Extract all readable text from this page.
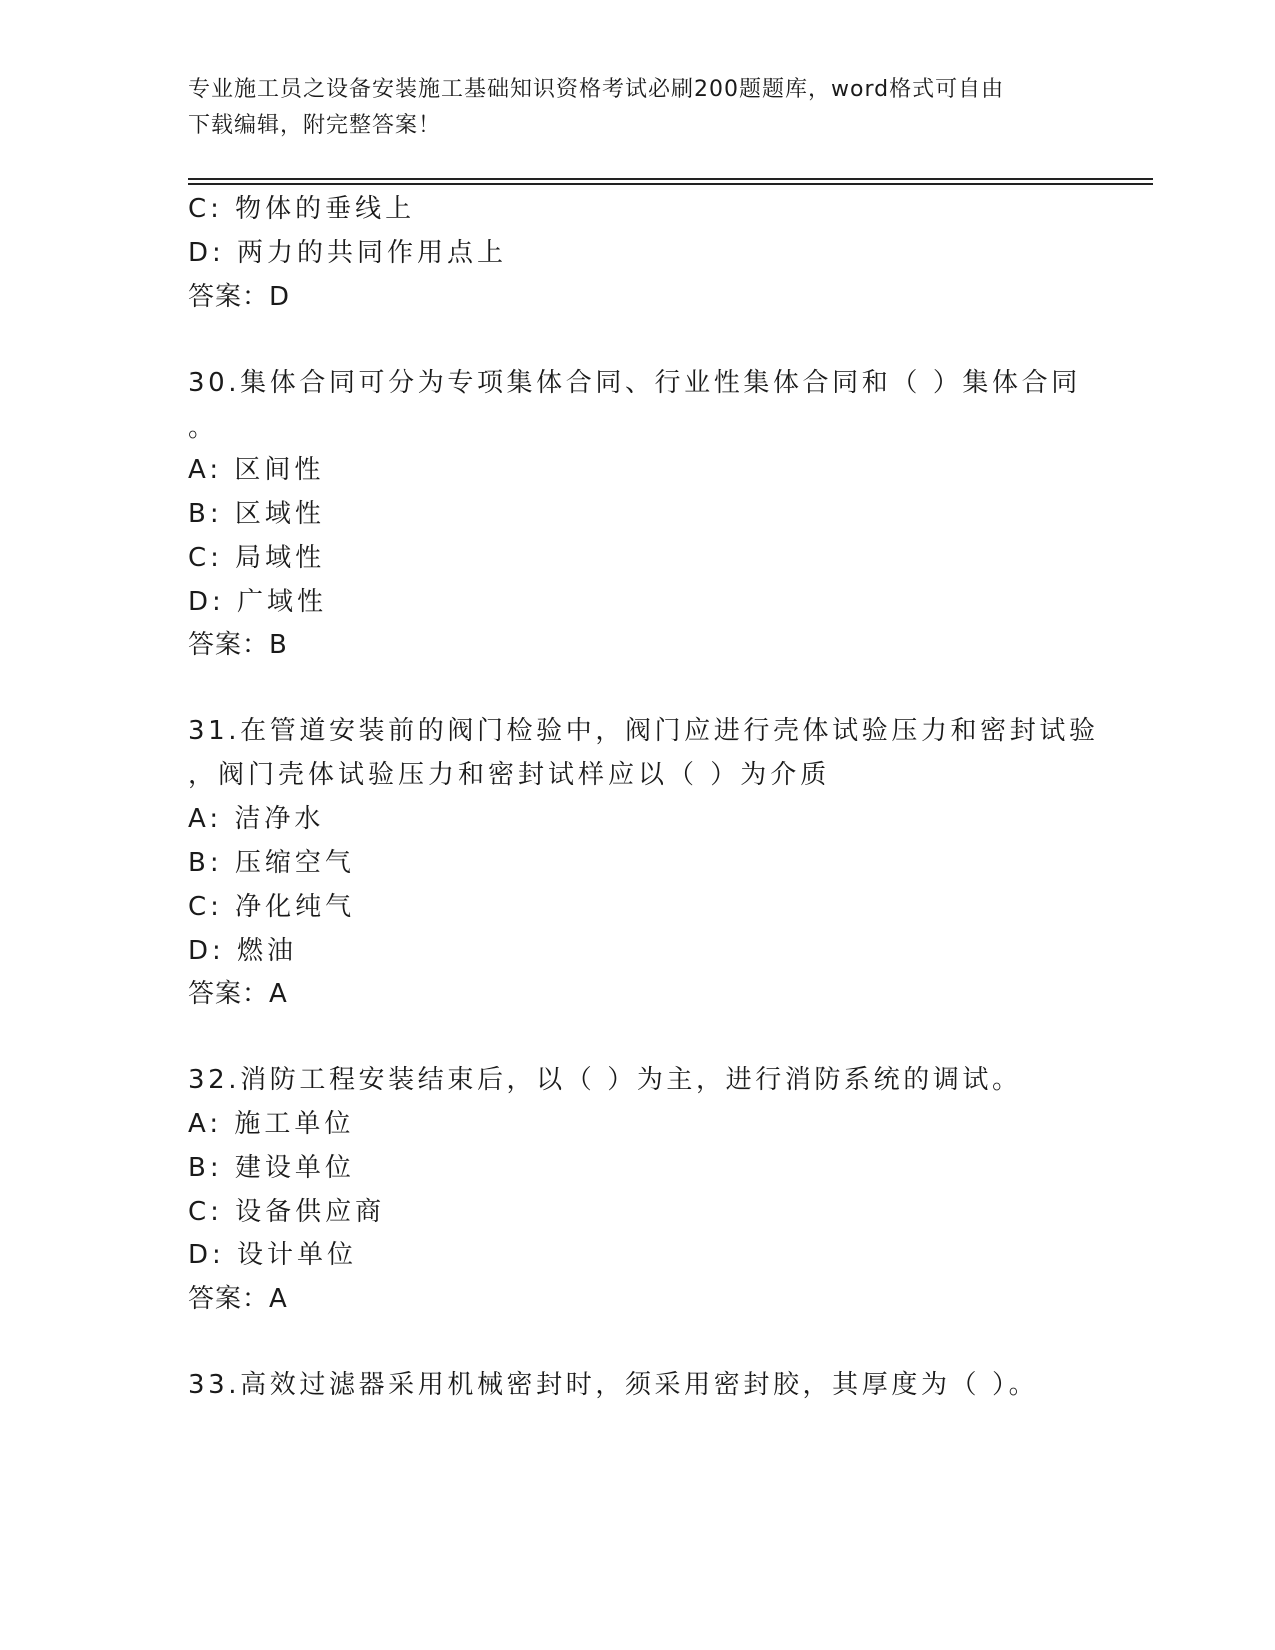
专业施工员之设备安装施工基础知识资格考试必刷200题题库，word格式可自由
下载编辑，附完整答案！
C: 物体的垂线上
D: 两力的共同作用点上
答案：D
30.集体合同可分为专项集体合同、行业性集体合同和（ ）集体合同
。
A: 区间性
B: 区域性
C: 局域性
D: 广域性
答案：B
31.在管道安装前的阀门检验中，阀门应进行壳体试验压力和密封试验
，阀门壳体试验压力和密封试样应以（ ）为介质
A: 洁净水
B: 压缩空气
C: 净化纯气
D: 燃油
答案：A
32.消防工程安装结束后，以（ ）为主，进行消防系统的调试。
A: 施工单位
B: 建设单位
C: 设备供应商
D: 设计单位
答案：A
33.高效过滤器采用机械密封时，须采用密封胶，其厚度为（ ）。
